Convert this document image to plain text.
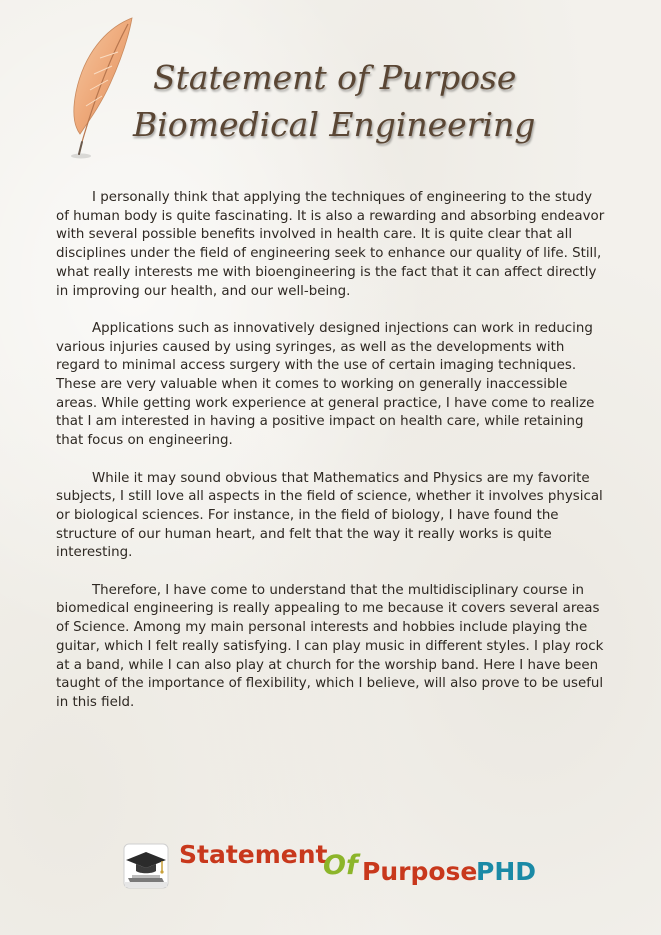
Statement of Purpose
Biomedical Engineering

I personally think that applying the techniques of engineering to the study of human body is quite fascinating. It is also a rewarding and absorbing endeavor with several possible benefits involved in health care. It is quite clear that all disciplines under the field of engineering seek to enhance our quality of life. Still, what really interests me with bioengineering is the fact that it can affect directly in improving our health, and our well-being.

Applications such as innovatively designed injections can work in reducing various injuries caused by using syringes, as well as the developments with regard to minimal access surgery with the use of certain imaging techniques. These are very valuable when it comes to working on generally inaccessible areas. While getting work experience at general practice, I have come to realize that I am interested in having a positive impact on health care, while retaining that focus on engineering.

While it may sound obvious that Mathematics and Physics are my favorite subjects, I still love all aspects in the field of science, whether it involves physical or biological sciences. For instance, in the field of biology, I have found the structure of our human heart, and felt that the way it really works is quite interesting.

Therefore, I have come to understand that the multidisciplinary course in biomedical engineering is really appealing to me because it covers several areas of Science. Among my main personal interests and hobbies include playing the guitar, which I felt really satisfying. I can play music in different styles. I play rock at a band, while I can also play at church for the worship band. Here I have been taught of the importance of flexibility, which I believe, will also prove to be useful in this field.

Statement
Of Purpose
PHD
